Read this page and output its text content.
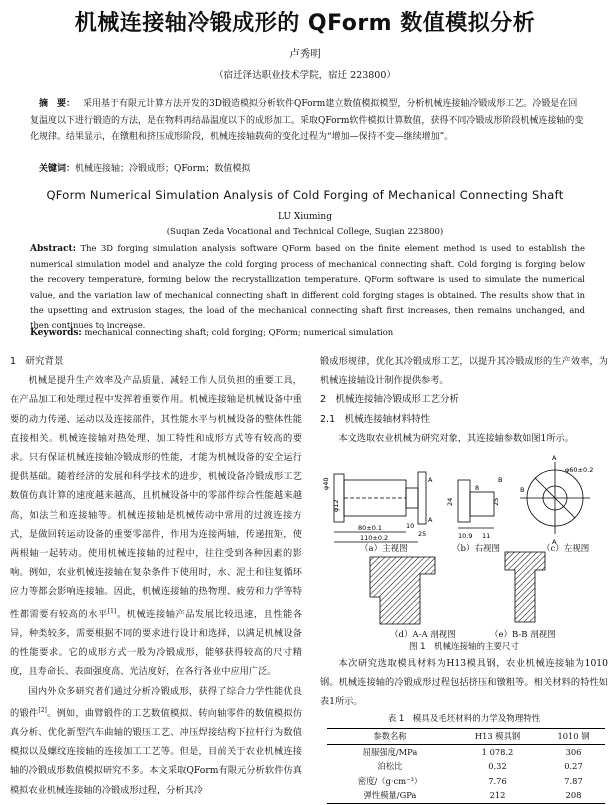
机械连接轴冷锻成形的 QForm 数值模拟分析
卢秀明
（宿迁泽达职业技术学院，宿迁 223800）
摘　要： 采用基于有限元计算方法开发的3D锻造模拟分析软件QForm建立数值模拟模型，分析机械连接轴冷锻成形工艺。冷锻是在回复温度以下进行锻造的方法，是在物料再结晶温度以下的成形加工。采取QForm软件模拟计算数值，获得不同冷锻成形阶段机械连接轴的变化规律。结果显示，在镦粗和挤压成形阶段，机械连接轴载荷的变化过程为“增加—保持不变—继续增加”。
关键词：机械连接轴；冷锻成形；QForm；数值模拟
QForm Numerical Simulation Analysis of Cold Forging of Mechanical Connecting Shaft
LU Xiuming
(Suqian Zeda Vocational and Technical College, Suqian 223800)
Abstract: The 3D forging simulation analysis software QForm based on the finite element method is used to establish the numerical simulation model and analyze the cold forging process of mechanical connecting shaft. Cold forging is forging below the recovery temperature, forming below the recrystallization temperature. QForm software is used to simulate the numerical value, and the variation law of mechanical connecting shaft in different cold forging stages is obtained. The results show that in the upsetting and extrusion stages, the load of the mechanical connecting shaft first increases, then remains unchanged, and then continues to increase.
Keywords: mechanical connecting shaft; cold forging; QForm; numerical simulation
1　研究背景

机械是提升生产效率及产品质量、减轻工作人员负担的重要工具，在产品加工和处理过程中发挥着重要作用。机械连接轴是机械设备中重要的动力传递、运动以及连接部件，其性能水平与机械设备的整体性能直接相关。机械连接轴对热处理、加工特性和成形方式等有较高的要求。只有保证机械连接轴冷锻成形的性能，才能为机械设备的安全运行提供基础。随着经济的发展和科学技术的进步，机械设备冷锻成形工艺数值仿真计算的速度越来越高，且机械设备中的零部件综合性能越来越高，如法兰和连接轴等。机械连接轴是机械传动中常用的过渡连接方式，是做回转运动设备的重要零部件，作用为连接两轴，传递扭矩，使两根轴一起转动。使用机械连接轴的过程中，往往受到各种因素的影响。例如，农业机械连接轴在复杂条件下使用时，水、泥土和往复循环应力等都会影响连接轴。因此，机械连接轴的热物理、疲劳和力学等特性都需要有较高的水平[1]。机械连接轴产品发展比较迅速，且性能各异，种类较多，需要根据不同的要求进行设计和选择，以满足机械设备的性能要求。它的成形方式一般为冷锻成形，能够获得较高的尺寸精度，且寿命长、表面强度高、光洁度好，在各行各业中应用广泛。

国内外众多研究者们通过分析冷锻成形，获得了综合力学性能优良的锻件[2]。例如，曲臂锻件的工艺数值模拟、转向轴零件的数值模拟仿真分析、优化新型汽车曲轴的锻压工艺、冲压焊接结构下拉杆行为数值模拟以及螺纹连接轴的连接加工工艺等。但是，目前关于农业机械连接轴的冷锻成形数值模拟研究不多。本文采取QForm有限元分析软件仿真模拟农业机械连接轴的冷锻成形过程，分析其冷

锻成形规律，优化其冷锻成形工艺，以提升其冷锻成形的生产效率，为机械连接轴设计制作提供参考。

2　机械连接轴冷锻成形工艺分析
2.1　机械连接轴材料特性

本文选取农业机械为研究对象，其连接轴参数如图1所示。

φ40
φ12
80±0.1
110±0.2
10
25
A
A
24	25
B
10.9 11
8
A
B
A
φ60±0.2
（a）主视图	（b）右视图	（c）左视图
（d）A-A 剖视图	（e）B-B 剖视图
图 1　机械连接轴的主要尺寸

本次研究选取模具材料为H13模具钢，农业机械连接轴为1010钢。机械连接轴的冷锻成形过程包括挤压和镦粗等。相关材料的特性如表1所示。

表 1　模具及毛坯材料的力学及物理特性
参数名称	H13 模具钢	1010 钢
屈服强度/MPa	1 078.2	306
泊松比	0.32	0.27
密度/（g·cm⁻³）	7.76	7.87
弹性模量/GPa	212	208
